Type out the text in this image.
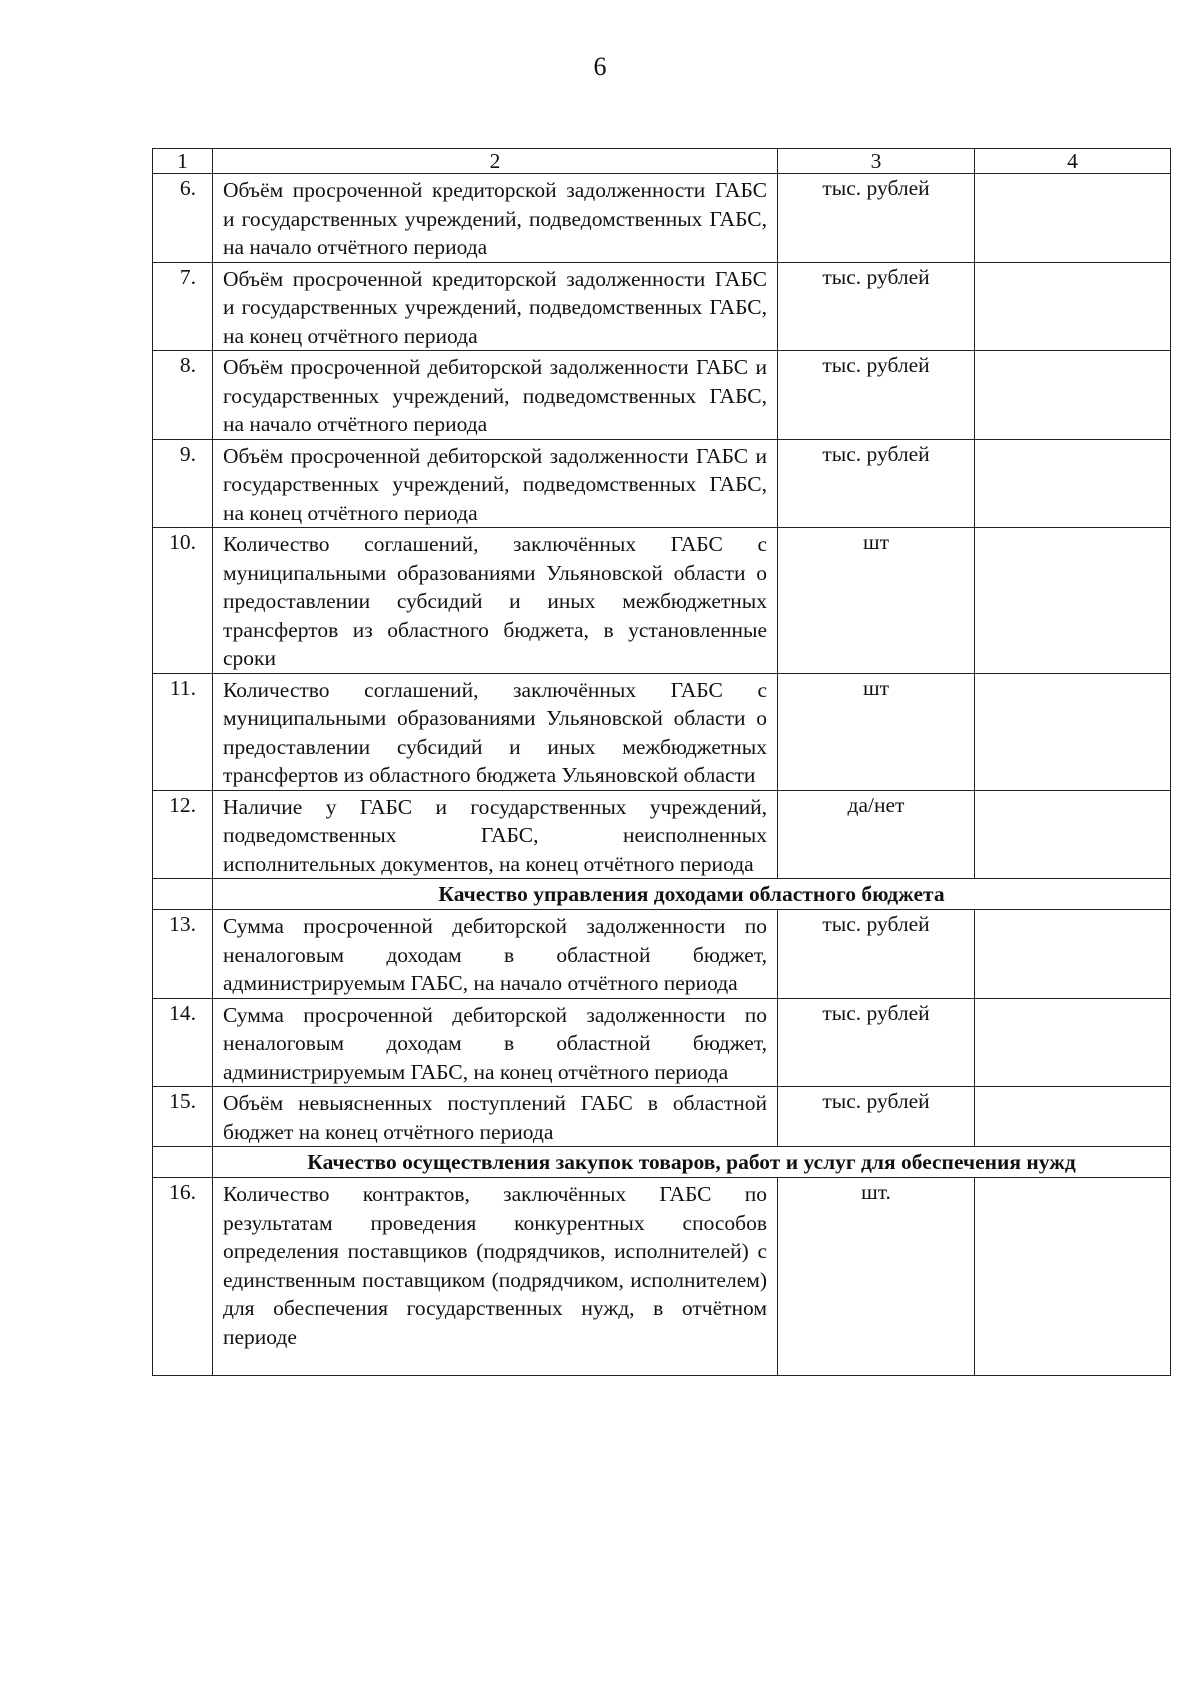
6
1	2	3	4
6.	Объём просроченной кредиторской задолженности ГАБС и государственных учреждений, подведомственных ГАБС, на начало отчётного периода	тыс. рублей	
7.	Объём просроченной кредиторской задолженности ГАБС и государственных учреждений, подведомственных ГАБС, на конец отчётного периода	тыс. рублей	
8.	Объём просроченной дебиторской задолженности ГАБС и государственных учреждений, подведомственных ГАБС, на начало отчётного периода	тыс. рублей	
9.	Объём просроченной дебиторской задолженности ГАБС и государственных учреждений, подведомственных ГАБС, на конец отчётного периода	тыс. рублей	
10.	Количество соглашений, заключённых ГАБС с муниципальными образованиями Ульяновской области о предоставлении субсидий и иных межбюджетных трансфертов из областного бюджета, в установленные сроки	шт	
11.	Количество соглашений, заключённых ГАБС с муниципальными образованиями Ульяновской области о предоставлении субсидий и иных межбюджетных трансфертов из областного бюджета Ульяновской области	шт	
12.	Наличие у ГАБС и государственных учреждений, подведомственных ГАБС, неисполненных исполнительных документов, на конец отчётного периода	да/нет	
	Качество управления доходами областного бюджета		
13.	Сумма просроченной дебиторской задолженности по неналоговым доходам в областной бюджет, администрируемым ГАБС, на начало отчётного периода	тыс. рублей	
14.	Сумма просроченной дебиторской задолженности по неналоговым доходам в областной бюджет, администрируемым ГАБС, на конец отчётного периода	тыс. рублей	
15.	Объём невыясненных поступлений ГАБС в областной бюджет на конец отчётного периода	тыс. рублей	
	Качество осуществления закупок товаров, работ и услуг для обеспечения нужд		
16.	Количество контрактов, заключённых ГАБС по результатам проведения конкурентных способов определения поставщиков (подрядчиков, исполнителей) с единственным поставщиком (подрядчиком, исполнителем) для обеспечения государственных нужд, в отчётном периоде	шт.	
